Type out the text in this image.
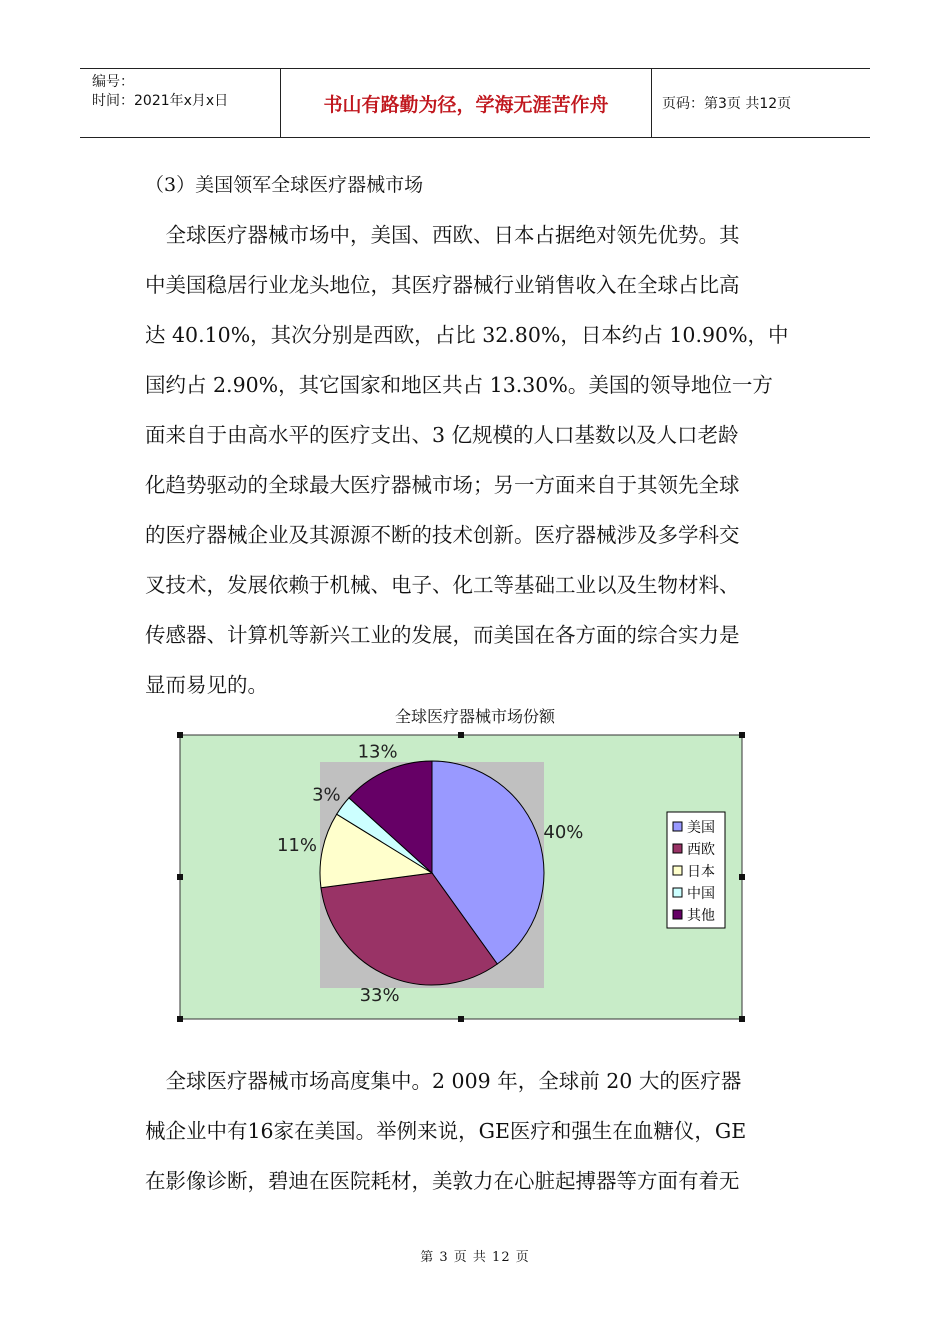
编号：
时间：2021年x月x日	书山有路勤为径，学海无涯苦作舟	页码：第3页 共12页
（3）美国领军全球医疗器械市场
　全球医疗器械市场中，美国、西欧、日本占据绝对领先优势。其
中美国稳居行业龙头地位，其医疗器械行业销售收入在全球占比高
达 40.10%，其次分别是西欧，占比 32.80%，日本约占 10.90%，中
国约占 2.90%，其它国家和地区共占 13.30%。美国的领导地位一方
面来自于由高水平的医疗支出、3 亿规模的人口基数以及人口老龄
化趋势驱动的全球最大医疗器械市场；另一方面来自于其领先全球
的医疗器械企业及其源源不断的技术创新。医疗器械涉及多学科交
叉技术，发展依赖于机械、电子、化工等基础工业以及生物材料、
传感器、计算机等新兴工业的发展，而美国在各方面的综合实力是
显而易见的。
全球医疗器械市场份额
40%
33%
11%
3%
13%
美国
西欧
日本
中国
其他
　全球医疗器械市场高度集中。2 009 年，全球前 20 大的医疗器
械企业中有16家在美国。举例来说，GE医疗和强生在血糖仪，GE
在影像诊断，碧迪在医院耗材，美敦力在心脏起搏器等方面有着无
第 3 页 共 12 页
